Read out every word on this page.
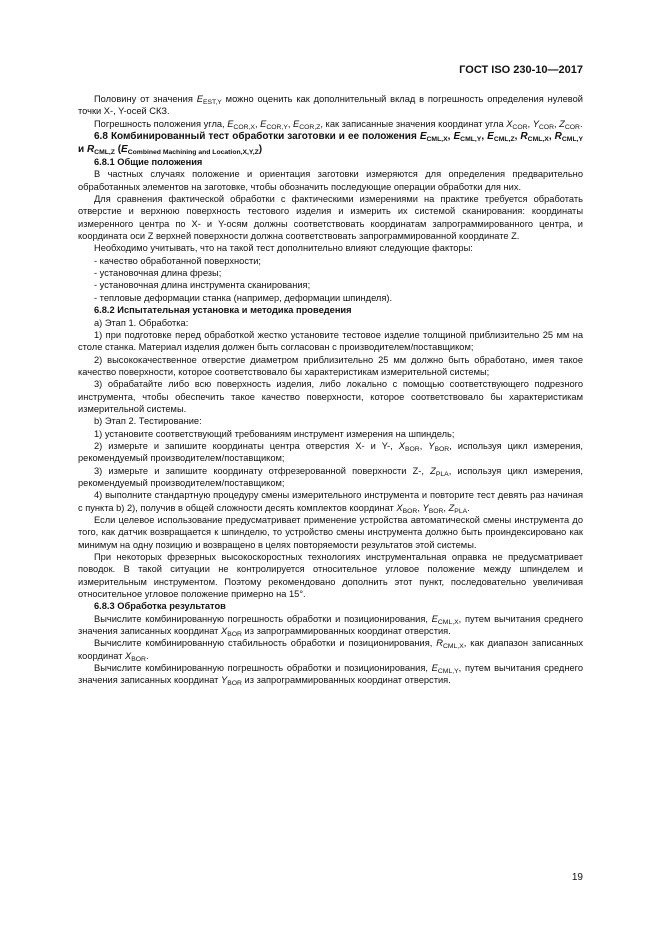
ГОСТ ISO 230-10—2017

Половину от значения $E_{EST,Y}$ можно оценить как дополнительный вклад в погрешность определения нулевой точки X-, Y-осей СКЗ.

Погрешность положения угла, $E_{COR,X}$, $E_{COR,Y}$, $E_{COR,Z}$, как записанные значения координат угла $X_{COR}$, $Y_{COR}$, $Z_{COR}$.

6.8 Комбинированный тест обработки заготовки и ее положения $E_{CML,X}$, $E_{CML,Y}$, $E_{CML,Z}$, $R_{CML,X}$, $R_{CML,Y}$ и $R_{CML,Z}$ $(E_{Combined Machining and Location,X,Y,Z})$

6.8.1 Общие положения

В частных случаях положение и ориентация заготовки измеряются для определения предварительно обработанных элементов на заготовке, чтобы обозначить последующие операции обработки для них.

Для сравнения фактической обработки с фактическими измерениями на практике требуется обработать отверстие и верхнюю поверхность тестового изделия и измерить их системой сканирования: координаты измеренного центра по X- и Y-осям должны соответствовать координатам запрограммированного центра, и координата оси Z верхней поверхности должна соответствовать запрограммированной координате Z.

Необходимо учитывать, что на такой тест дополнительно влияют следующие факторы:

- качество обработанной поверхности;

- установочная длина фрезы;

- установочная длина инструмента сканирования;

- тепловые деформации станка (например, деформации шпинделя).

6.8.2 Испытательная установка и методика проведения

а) Этап 1. Обработка:

1) при подготовке перед обработкой жестко установите тестовое изделие толщиной приблизительно 25 мм на столе станка. Материал изделия должен быть согласован с производителем/поставщиком;

2) высококачественное отверстие диаметром приблизительно 25 мм должно быть обработано, имея такое качество поверхности, которое соответствовало бы характеристикам измерительной системы;

3) обрабатайте либо всю поверхность изделия, либо локально с помощью соответствующего подрезного инструмента, чтобы обеспечить такое качество поверхности, которое соответствовало бы характеристикам измерительной системы.

b) Этап 2. Тестирование:

1) установите соответствующий требованиям инструмент измерения на шпиндель;

2) измерьте и запишите координаты центра отверстия X- и Y-, $X_{BOR}$, $Y_{BOR}$, используя цикл измерения, рекомендуемый производителем/поставщиком;

3) измерьте и запишите координату отфрезерованной поверхности Z-, $Z_{PLA}$, используя цикл измерения, рекомендуемый производителем/поставщиком;

4) выполните стандартную процедуру смены измерительного инструмента и повторите тест девять раз начиная с пункта b) 2), получив в общей сложности десять комплектов координат $X_{BOR}$, $Y_{BOR}$, $Z_{PLA}$.

Если целевое использование предусматривает применение устройства автоматической смены инструмента до того, как датчик возвращается к шпинделю, то устройство смены инструмента должно быть проиндексировано как минимум на одну позицию и возвращено в целях повторяемости результатов этой системы.

При некоторых фрезерных высокоскоростных технологиях инструментальная оправка не предусматривает поводок. В такой ситуации не контролируется относительное угловое положение между шпинделем и измерительным инструментом. Поэтому рекомендовано дополнить этот пункт, последовательно увеличивая относительное угловое положение примерно на 15°.

6.8.3 Обработка результатов

Вычислите комбинированную погрешность обработки и позиционирования, $E_{CML,X}$, путем вычитания среднего значения записанных координат $X_{BOR}$ из запрограммированных координат отверстия.

Вычислите комбинированную стабильность обработки и позиционирования, $R_{CML,X}$, как диапазон записанных координат $X_{BOR}$.

Вычислите комбинированную погрешность обработки и позиционирования, $E_{CML,Y}$, путем вычитания среднего значения записанных координат $Y_{BOR}$ из запрограммированных координат отверстия.

19
